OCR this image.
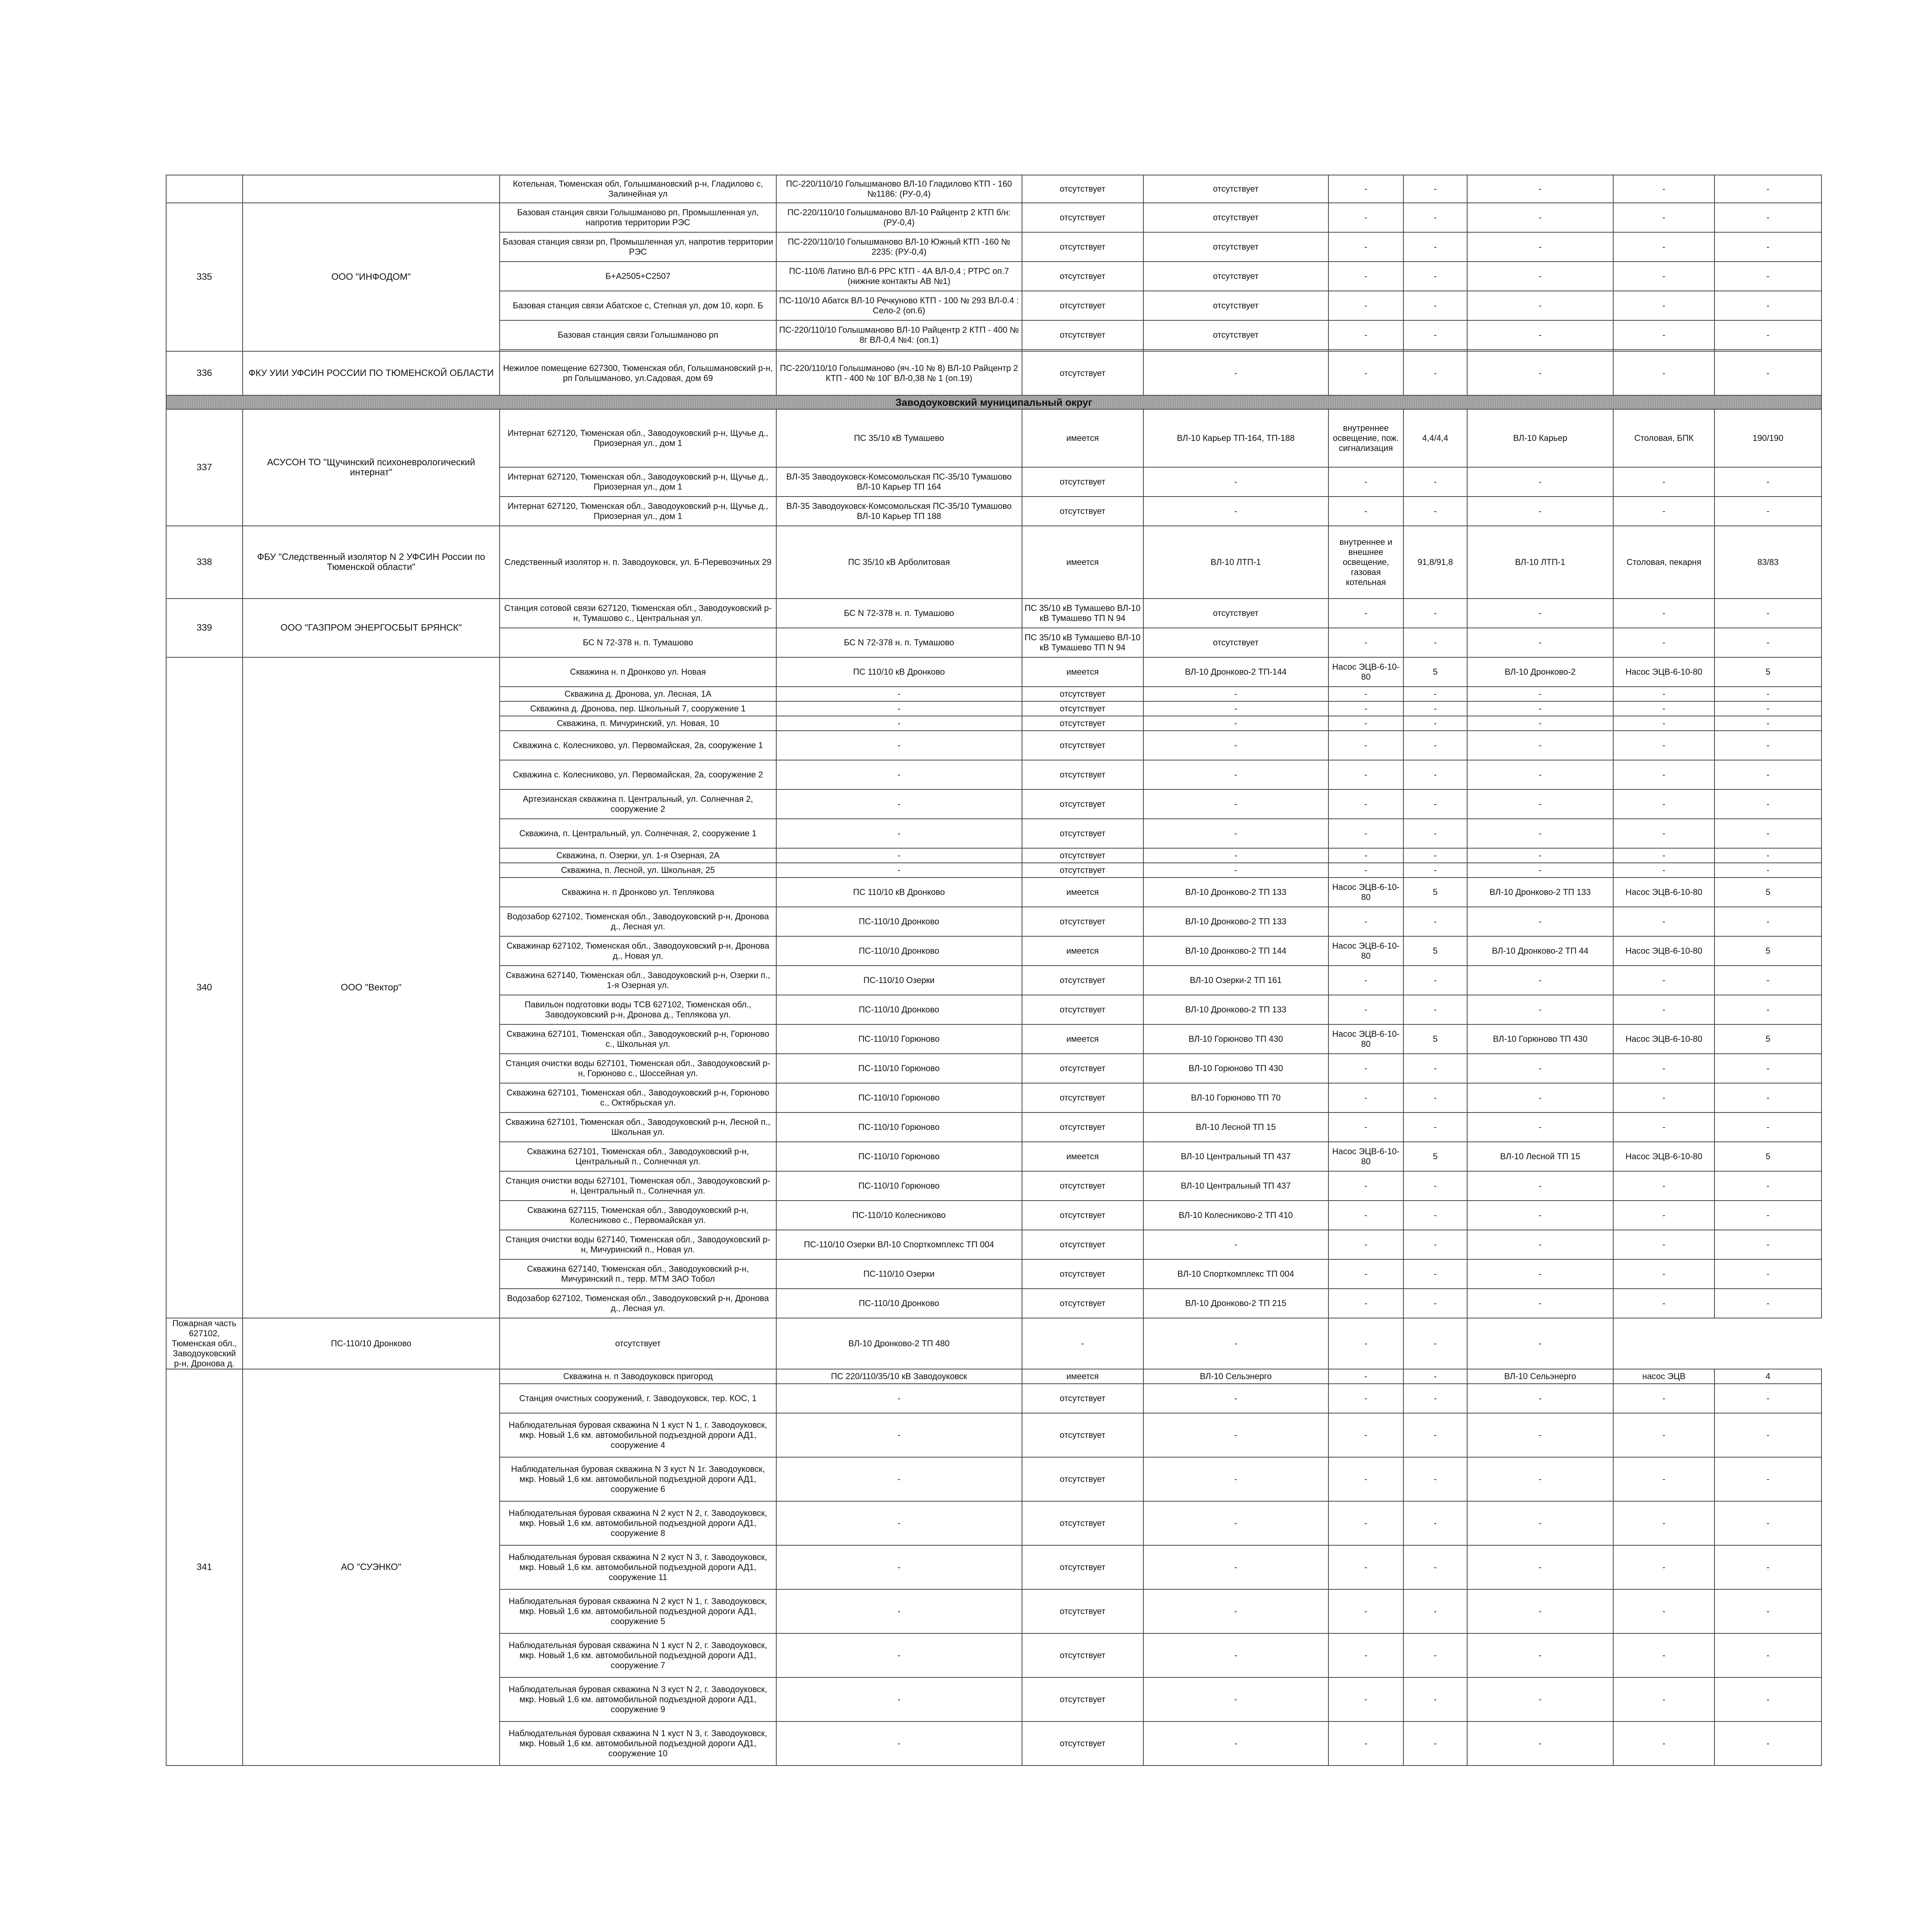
		Котельная, Тюменская обл, Голышмановский р-н, Гладилово с, Залинейная ул	ПС-220/110/10 Голышманово ВЛ-10 Гладилово КТП - 160 №1186: (РУ-0,4)	отсутствует	отсутствует	-	-	-	-	-
335	ООО "ИНФОДОМ"	Базовая станция связи Голышманово рп, Промышленная ул, напротив территории РЭС	ПС-220/110/10 Голышманово ВЛ-10 Райцентр 2 КТП б/н: (РУ-0,4)	отсутствует	отсутствует	-	-	-	-	-
		Базовая станция связи рп, Промышленная ул, напротив территории РЭС	ПС-220/110/10 Голышманово ВЛ-10 Южный КТП -160 № 2235: (РУ-0,4)	отсутствует	отсутствует	-	-	-	-	-
		Б+А2505+С2507	ПС-110/6 Латино ВЛ-6 РРС КТП - 4А ВЛ-0,4 ; РТРС оп.7 (нижние контакты АВ №1)	отсутствует	отсутствует	-	-	-	-	-
		Базовая станция связи Абатское с, Степная ул, дом 10, корп. Б	ПС-110/10 Абатск ВЛ-10 Речкуново КТП - 100 № 293 ВЛ-0.4 : Село-2 (оп.6)	отсутствует	отсутствует	-	-	-	-	-
		Базовая станция связи Голышманово рп	ПС-220/110/10 Голышманово ВЛ-10 Райцентр 2 КТП - 400 № 8г ВЛ-0,4 №4: (оп.1)	отсутствует	отсутствует	-	-	-	-	-

336	ФКУ УИИ УФСИН РОССИИ ПО ТЮМЕНСКОЙ ОБЛАСТИ	Нежилое помещение 627300, Тюменская обл, Голышмановский р-н, рп Голышманово, ул.Садовая, дом 69	ПС-220/110/10 Голышманово (яч.-10 № 8) ВЛ-10 Райцентр 2 КТП - 400 № 10Г ВЛ-0,38 № 1 (оп.19)	отсутствует	-	-	-	-	-	-
Заводоуковский муниципальный округ										
337	АСУСОН ТО "Щучинский психоневрологический интернат"	Интернат 627120, Тюменская обл., Заводоуковский р-н, Щучье д., Приозерная ул., дом 1	ПС 35/10 кВ Тумашево	имеется	ВЛ-10 Карьер ТП-164, ТП-188	внутреннее освещение, пож. сигнализация	4,4/4,4	ВЛ-10 Карьер	Столовая, БПК	190/190
		Интернат 627120, Тюменская обл., Заводоуковский р-н, Щучье д., Приозерная ул., дом 1	ВЛ-35 Заводоуковск-Комсомольская ПС-35/10 Тумашово ВЛ-10 Карьер ТП 164	отсутствует	-	-	-	-	-	-
		Интернат 627120, Тюменская обл., Заводоуковский р-н, Щучье д., Приозерная ул., дом 1	ВЛ-35 Заводоуковск-Комсомольская ПС-35/10 Тумашово ВЛ-10 Карьер ТП 188	отсутствует	-	-	-	-	-	-
338	ФБУ "Следственный изолятор N 2 УФСИН России по Тюменской области"	Следственный изолятор н. п. Заводоуковск, ул. Б-Перевозчиных 29	ПС 35/10 кВ Арболитовая	имеется	ВЛ-10 ЛТП-1	внутреннее и внешнее освещение, газовая котельная	91,8/91,8	ВЛ-10 ЛТП-1	Столовая, пекарня	83/83
339	ООО "ГАЗПРОМ ЭНЕРГОСБЫТ БРЯНСК"	Станция сотовой связи 627120, Тюменская обл., Заводоуковский р-н, Тумашово с., Центральная ул.	БС N 72-378 н. п. Тумашово	ПС 35/10 кВ Тумашево ВЛ-10 кВ Тумашево ТП N 94	отсутствует	-	-	-	-	-
		БС N 72-378 н. п. Тумашово	БС N 72-378 н. п. Тумашово	ПС 35/10 кВ Тумашево ВЛ-10 кВ Тумашево ТП N 94	отсутствует	-	-	-	-	-
340	ООО "Вектор"	Скважина н. п Дронково ул. Новая	ПС 110/10 кВ Дронково	имеется	ВЛ-10 Дронково-2 ТП-144	Насос ЭЦВ-6-10-80	5	ВЛ-10 Дронково-2	Насос ЭЦВ-6-10-80	5
		Скважина д. Дронова, ул. Лесная, 1А	-	отсутствует	-	-	-	-	-	-
		Скважина д. Дронова, пер. Школьный 7, сооружение 1	-	отсутствует	-	-	-	-	-	-
		Скважина, п. Мичуринский, ул. Новая, 10	-	отсутствует	-	-	-	-	-	-
		Скважина с. Колесниково, ул. Первомайская, 2а, сооружение 1	-	отсутствует	-	-	-	-	-	-
		Скважина с. Колесниково, ул. Первомайская, 2а, сооружение 2	-	отсутствует	-	-	-	-	-	-
		Артезианская скважина п. Центральный, ул. Солнечная 2, сооружение 2	-	отсутствует	-	-	-	-	-	-
		Скважина, п. Центральный, ул. Солнечная, 2, сооружение 1	-	отсутствует	-	-	-	-	-	-
		Скважина, п. Озерки, ул. 1-я Озерная, 2А	-	отсутствует	-	-	-	-	-	-
		Скважина, п. Лесной, ул. Школьная, 25	-	отсутствует	-	-	-	-	-	-
		Скважина н. п Дронково ул. Теплякова	ПС 110/10 кВ Дронково	имеется	ВЛ-10 Дронково-2 ТП 133	Насос ЭЦВ-6-10-80	5	ВЛ-10 Дронково-2 ТП 133	Насос ЭЦВ-6-10-80	5
		Водозабор 627102, Тюменская обл., Заводоуковский р-н, Дронова д., Лесная ул.	ПС-110/10 Дронково	отсутствует	ВЛ-10 Дронково-2 ТП 133	-	-	-	-	-
		Скважинар 627102, Тюменская обл., Заводоуковский р-н, Дронова д., Новая ул.	ПС-110/10 Дронково	имеется	ВЛ-10 Дронково-2 ТП 144	Насос ЭЦВ-6-10-80	5	ВЛ-10 Дронково-2 ТП 44	Насос ЭЦВ-6-10-80	5
		Скважина 627140, Тюменская обл., Заводоуковский р-н, Озерки п., 1-я Озерная ул.	ПС-110/10 Озерки	отсутствует	ВЛ-10 Озерки-2 ТП 161	-	-	-	-	-
		Павильон подготовки воды ТСВ 627102, Тюменская обл., Заводоуковский р-н, Дронова д., Теплякова ул.	ПС-110/10 Дронково	отсутствует	ВЛ-10 Дронково-2 ТП 133	-	-	-	-	-
		Скважина 627101, Тюменская обл., Заводоуковский р-н, Горюново с., Школьная ул.	ПС-110/10 Горюново	имеется	ВЛ-10 Горюново ТП 430	Насос ЭЦВ-6-10-80	5	ВЛ-10 Горюново ТП 430	Насос ЭЦВ-6-10-80	5
		Станция очистки воды 627101, Тюменская обл., Заводоуковский р-н, Горюново с., Шоссейная ул.	ПС-110/10 Горюново	отсутствует	ВЛ-10 Горюново ТП 430	-	-	-	-	-
		Скважина 627101, Тюменская обл., Заводоуковский р-н, Горюново с., Октябрьская ул.	ПС-110/10 Горюново	отсутствует	ВЛ-10 Горюново ТП 70	-	-	-	-	-
		Скважина 627101, Тюменская обл., Заводоуковский р-н, Лесной п., Школьная ул.	ПС-110/10 Горюново	отсутствует	ВЛ-10 Лесной ТП 15	-	-	-	-	-
		Скважина 627101, Тюменская обл., Заводоуковский р-н, Центральный п., Солнечная ул.	ПС-110/10 Горюново	имеется	ВЛ-10 Центральный ТП 437	Насос ЭЦВ-6-10-80	5	ВЛ-10 Лесной ТП 15	Насос ЭЦВ-6-10-80	5
		Станция очистки воды 627101, Тюменская обл., Заводоуковский р-н, Центральный п., Солнечная ул.	ПС-110/10 Горюново	отсутствует	ВЛ-10 Центральный ТП 437	-	-	-	-	-
		Скважина 627115, Тюменская обл., Заводоуковский р-н, Колесниково с., Первомайская ул.	ПС-110/10 Колесниково	отсутствует	ВЛ-10 Колесниково-2 ТП 410	-	-	-	-	-
		Станция очистки воды 627140, Тюменская обл., Заводоуковский р-н, Мичуринский п., Новая ул.	ПС-110/10 Озерки ВЛ-10 Спорткомплекс ТП 004	отсутствует	-	-	-	-	-	-
		Скважина 627140, Тюменская обл., Заводоуковский р-н, Мичуринский п., терр. МТМ ЗАО Тобол	ПС-110/10 Озерки	отсутствует	ВЛ-10 Спорткомплекс ТП 004	-	-	-	-	-
		Водозабор 627102, Тюменская обл., Заводоуковский р-н, Дронова д., Лесная ул.	ПС-110/10 Дронково	отсутствует	ВЛ-10 Дронково-2 ТП 215	-	-	-	-	-
Пожарная часть 627102, Тюменская обл., Заводоуковский р-н, Дронова д.	ПС-110/10 Дронково	отсутствует	ВЛ-10 Дронково-2 ТП 480	-	-	-	-	-		
341	АО "СУЭНКО"	Скважина н. п Заводоуковск пригород	ПС 220/110/35/10 кВ Заводоуковск	имеется	ВЛ-10 Сельэнерго	-	-	ВЛ-10 Сельэнерго	насос ЭЦВ	4
		Станция очистных сооружений, г. Заводоуковск, тер. КОС, 1	-	отсутствует	-	-	-	-	-	-
		Наблюдательная буровая скважина N 1 куст N 1, г. Заводоуковск, мкр. Новый 1,6 км. автомобильной подъездной дороги АД1, сооружение 4	-	отсутствует	-	-	-	-	-	-
		Наблюдательная буровая скважина N 3 куст N 1г. Заводоуковск, мкр. Новый 1,6 км. автомобильной подъездной дороги АД1, сооружение 6	-	отсутствует	-	-	-	-	-	-
		Наблюдательная буровая скважина N 2 куст N 2, г. Заводоуковск, мкр. Новый 1,6 км. автомобильной подъездной дороги АД1, сооружение 8	-	отсутствует	-	-	-	-	-	-
		Наблюдательная буровая скважина N 2 куст N 3, г. Заводоуковск, мкр. Новый 1,6 км. автомобильной подъездной дороги АД1, сооружение 11	-	отсутствует	-	-	-	-	-	-
		Наблюдательная буровая скважина N 2 куст N 1, г. Заводоуковск, мкр. Новый 1,6 км. автомобильной подъездной дороги АД1, сооружение 5	-	отсутствует	-	-	-	-	-	-
		Наблюдательная буровая скважина N 1 куст N 2, г. Заводоуковск, мкр. Новый 1,6 км. автомобильной подъездной дороги АД1, сооружение 7	-	отсутствует	-	-	-	-	-	-
		Наблюдательная буровая скважина N 3 куст N 2, г. Заводоуковск, мкр. Новый 1,6 км. автомобильной подъездной дороги АД1, сооружение 9	-	отсутствует	-	-	-	-	-	-
		Наблюдательная буровая скважина N 1 куст N 3, г. Заводоуковск, мкр. Новый 1,6 км. автомобильной подъездной дороги АД1, сооружение 10	-	отсутствует	-	-	-	-	-	-
